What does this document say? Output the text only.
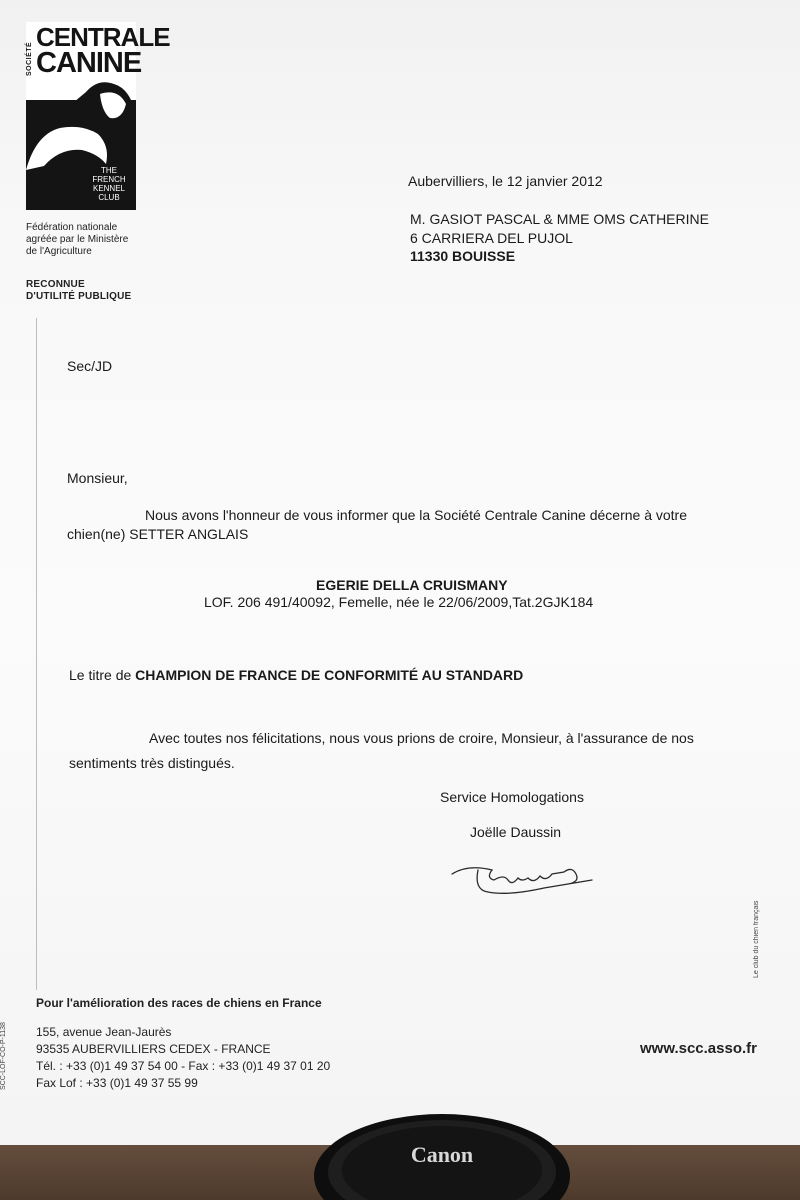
SOCIÉTÉ
CENTRALE
CANINE
THE
FRENCH
KENNEL
CLUB
Fédération nationale
agréée par le Ministère
de l'Agriculture
RECONNUE
D'UTILITÉ PUBLIQUE
Aubervilliers, le 12 janvier 2012
M. GASIOT PASCAL & MME OMS CATHERINE
6 CARRIERA DEL PUJOL
11330 BOUISSE
Sec/JD
Monsieur,
Nous avons l'honneur de vous informer que la Société Centrale Canine décerne à votre
chien(ne) SETTER ANGLAIS
EGERIE DELLA CRUISMANY
LOF. 206 491/40092, Femelle, née le 22/06/2009,Tat.2GJK184
Le titre de CHAMPION DE FRANCE DE CONFORMITÉ AU STANDARD
Avec toutes nos félicitations, nous vous prions de croire, Monsieur, à l'assurance de nos
sentiments très distingués.
Service Homologations
Joëlle Daussin
Le club du chien français
SCC-LOF-CO-P-1138
Pour l'amélioration des races de chiens en France
155, avenue Jean-Jaurès
93535 AUBERVILLIERS CEDEX - FRANCE
Tél. : +33 (0)1 49 37 54 00 - Fax : +33 (0)1 49 37 01 20
Fax Lof : +33 (0)1 49 37 55 99
www.scc.asso.fr
Canon
